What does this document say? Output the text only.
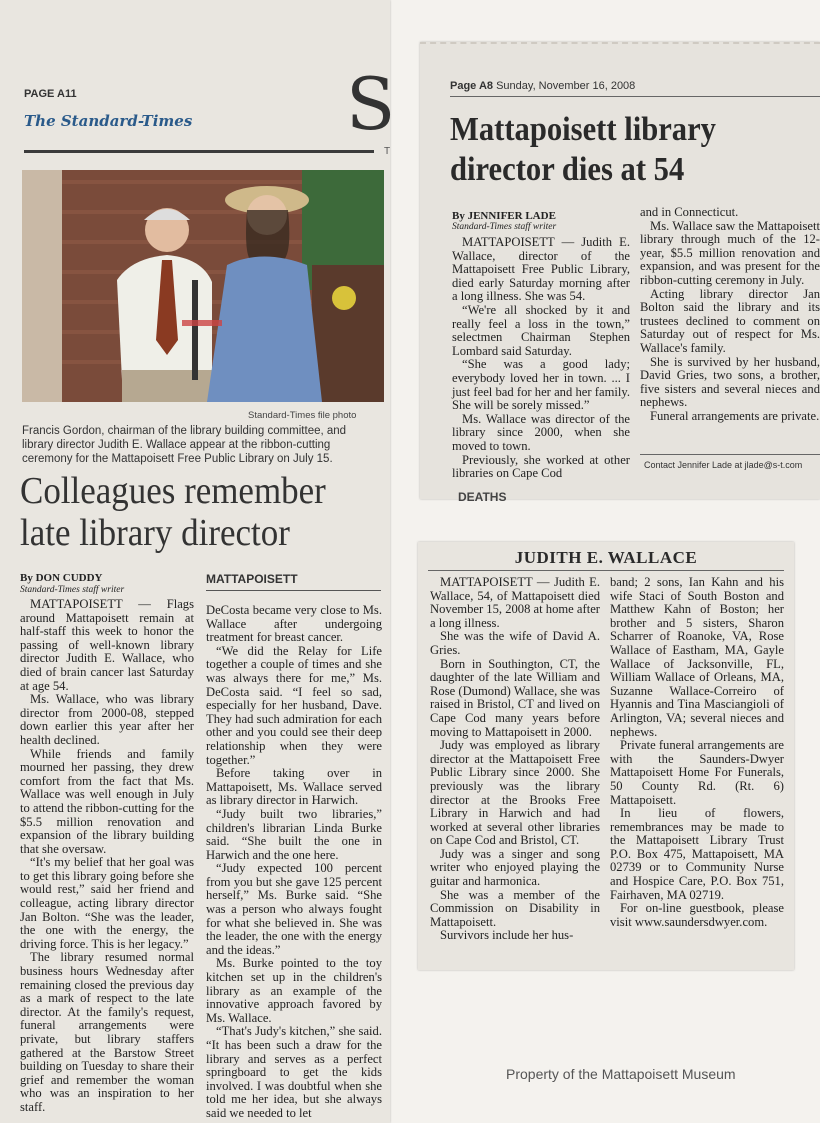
PAGE A11
The Standard-Times S
T
Standard-Times file photo
Francis Gordon, chairman of the library building committee, and library director Judith E. Wallace appear at the ribbon-cutting ceremony for the Mattapoisett Free Public Library on July 15.
Colleagues remember late library director
By DON CUDDY
Standard-Times staff writer
MATTAPOISETT

MATTAPOISETT — Flags around Mattapoisett remain at half-staff this week to honor the passing of well-known library director Judith E. Wallace, who died of brain cancer last Saturday at age 54.

Ms. Wallace, who was library director from 2000-08, stepped down earlier this year after her health declined.

While friends and family mourned her passing, they drew comfort from the fact that Ms. Wallace was well enough in July to attend the ribbon-cutting for the $5.5 million renovation and expansion of the library building that she oversaw.

“It's my belief that her goal was to get this library going before she would rest,” said her friend and colleague, acting library director Jan Bolton. “She was the leader, the one with the energy, the driving force. This is her legacy.”

The library resumed normal business hours Wednesday after remaining closed the previous day as a mark of respect to the late director. At the family's request, funeral arrangements were private, but library staffers gathered at the Barstow Street building on Tuesday to share their grief and remember the woman who was an inspiration to her staff.

DeCosta became very close to Ms. Wallace after undergoing treatment for breast cancer.

“We did the Relay for Life together a couple of times and she was always there for me,” Ms. DeCosta said. “I feel so sad, especially for her husband, Dave. They had such admiration for each other and you could see their deep relationship when they were together.”

Before taking over in Mattapoisett, Ms. Wallace served as library director in Harwich.

“Judy built two libraries,” children's librarian Linda Burke said. “She built the one in Harwich and the one here.

“Judy expected 100 percent from you but she gave 125 percent herself,” Ms. Burke said. “She was a person who always fought for what she believed in. She was the leader, the one with the energy and the ideas.”

Ms. Burke pointed to the toy kitchen set up in the children's library as an example of the innovative approach favored by Ms. Wallace.

“That's Judy's kitchen,” she said. “It has been such a draw for the library and serves as a perfect springboard to get the kids involved. I was doubtful when she told me her idea, but she always said we needed to let

Page A8 Sunday, November 16, 2008
Mattapoisett library director dies at 54
By JENNIFER LADE
Standard-Times staff writer

MATTAPOISETT — Judith E. Wallace, director of the Mattapoisett Free Public Library, died early Saturday morning after a long illness. She was 54.

“We're all shocked by it and really feel a loss in the town,” selectmen Chairman Stephen Lombard said Saturday.

“She was a good lady; everybody loved her in town. ... I just feel bad for her and her family. She will be sorely missed.”

Ms. Wallace was director of the library since 2000, when she moved to town.

Previously, she worked at other libraries on Cape Cod

and in Connecticut.

Ms. Wallace saw the Mattapoisett library through much of the 12-year, $5.5 million renovation and expansion, and was present for the ribbon-cutting ceremony in July.

Acting library director Jan Bolton said the library and its trustees declined to comment on Saturday out of respect for Ms. Wallace's family.

She is survived by her husband, David Gries, two sons, a brother, five sisters and several nieces and nephews.

Funeral arrangements are private.

Contact Jennifer Lade at jlade@s-t.com
DEATHS
JUDITH E. WALLACE

MATTAPOISETT — Judith E. Wallace, 54, of Mattapoisett died November 15, 2008 at home after a long illness.

She was the wife of David A. Gries.

Born in Southington, CT, the daughter of the late William and Rose (Dumond) Wallace, she was raised in Bristol, CT and lived on Cape Cod many years before moving to Mattapoisett in 2000.

Judy was employed as library director at the Mattapoisett Free Public Library since 2000. She previously was the library director at the Brooks Free Library in Harwich and had worked at several other libraries on Cape Cod and Bristol, CT.

Judy was a singer and song writer who enjoyed playing the guitar and harmonica.

She was a member of the Commission on Disability in Mattapoisett.

Survivors include her hus-

band; 2 sons, Ian Kahn and his wife Staci of South Boston and Matthew Kahn of Boston; her brother and 5 sisters, Sharon Scharrer of Roanoke, VA, Rose Wallace of Eastham, MA, Gayle Wallace of Jacksonville, FL, William Wallace of Orleans, MA, Suzanne Wallace-Correiro of Hyannis and Tina Masciangioli of Arlington, VA; several nieces and nephews.

Private funeral arrangements are with the Saunders-Dwyer Mattapoisett Home For Funerals, 50 County Rd. (Rt. 6) Mattapoisett.

In lieu of flowers, remembrances may be made to the Mattapoisett Library Trust P.O. Box 475, Mattapoisett, MA 02739 or to Community Nurse and Hospice Care, P.O. Box 751, Fairhaven, MA 02719.

For on-line guestbook, please visit www.saundersdwyer.com.

Property of the Mattapoisett Museum
